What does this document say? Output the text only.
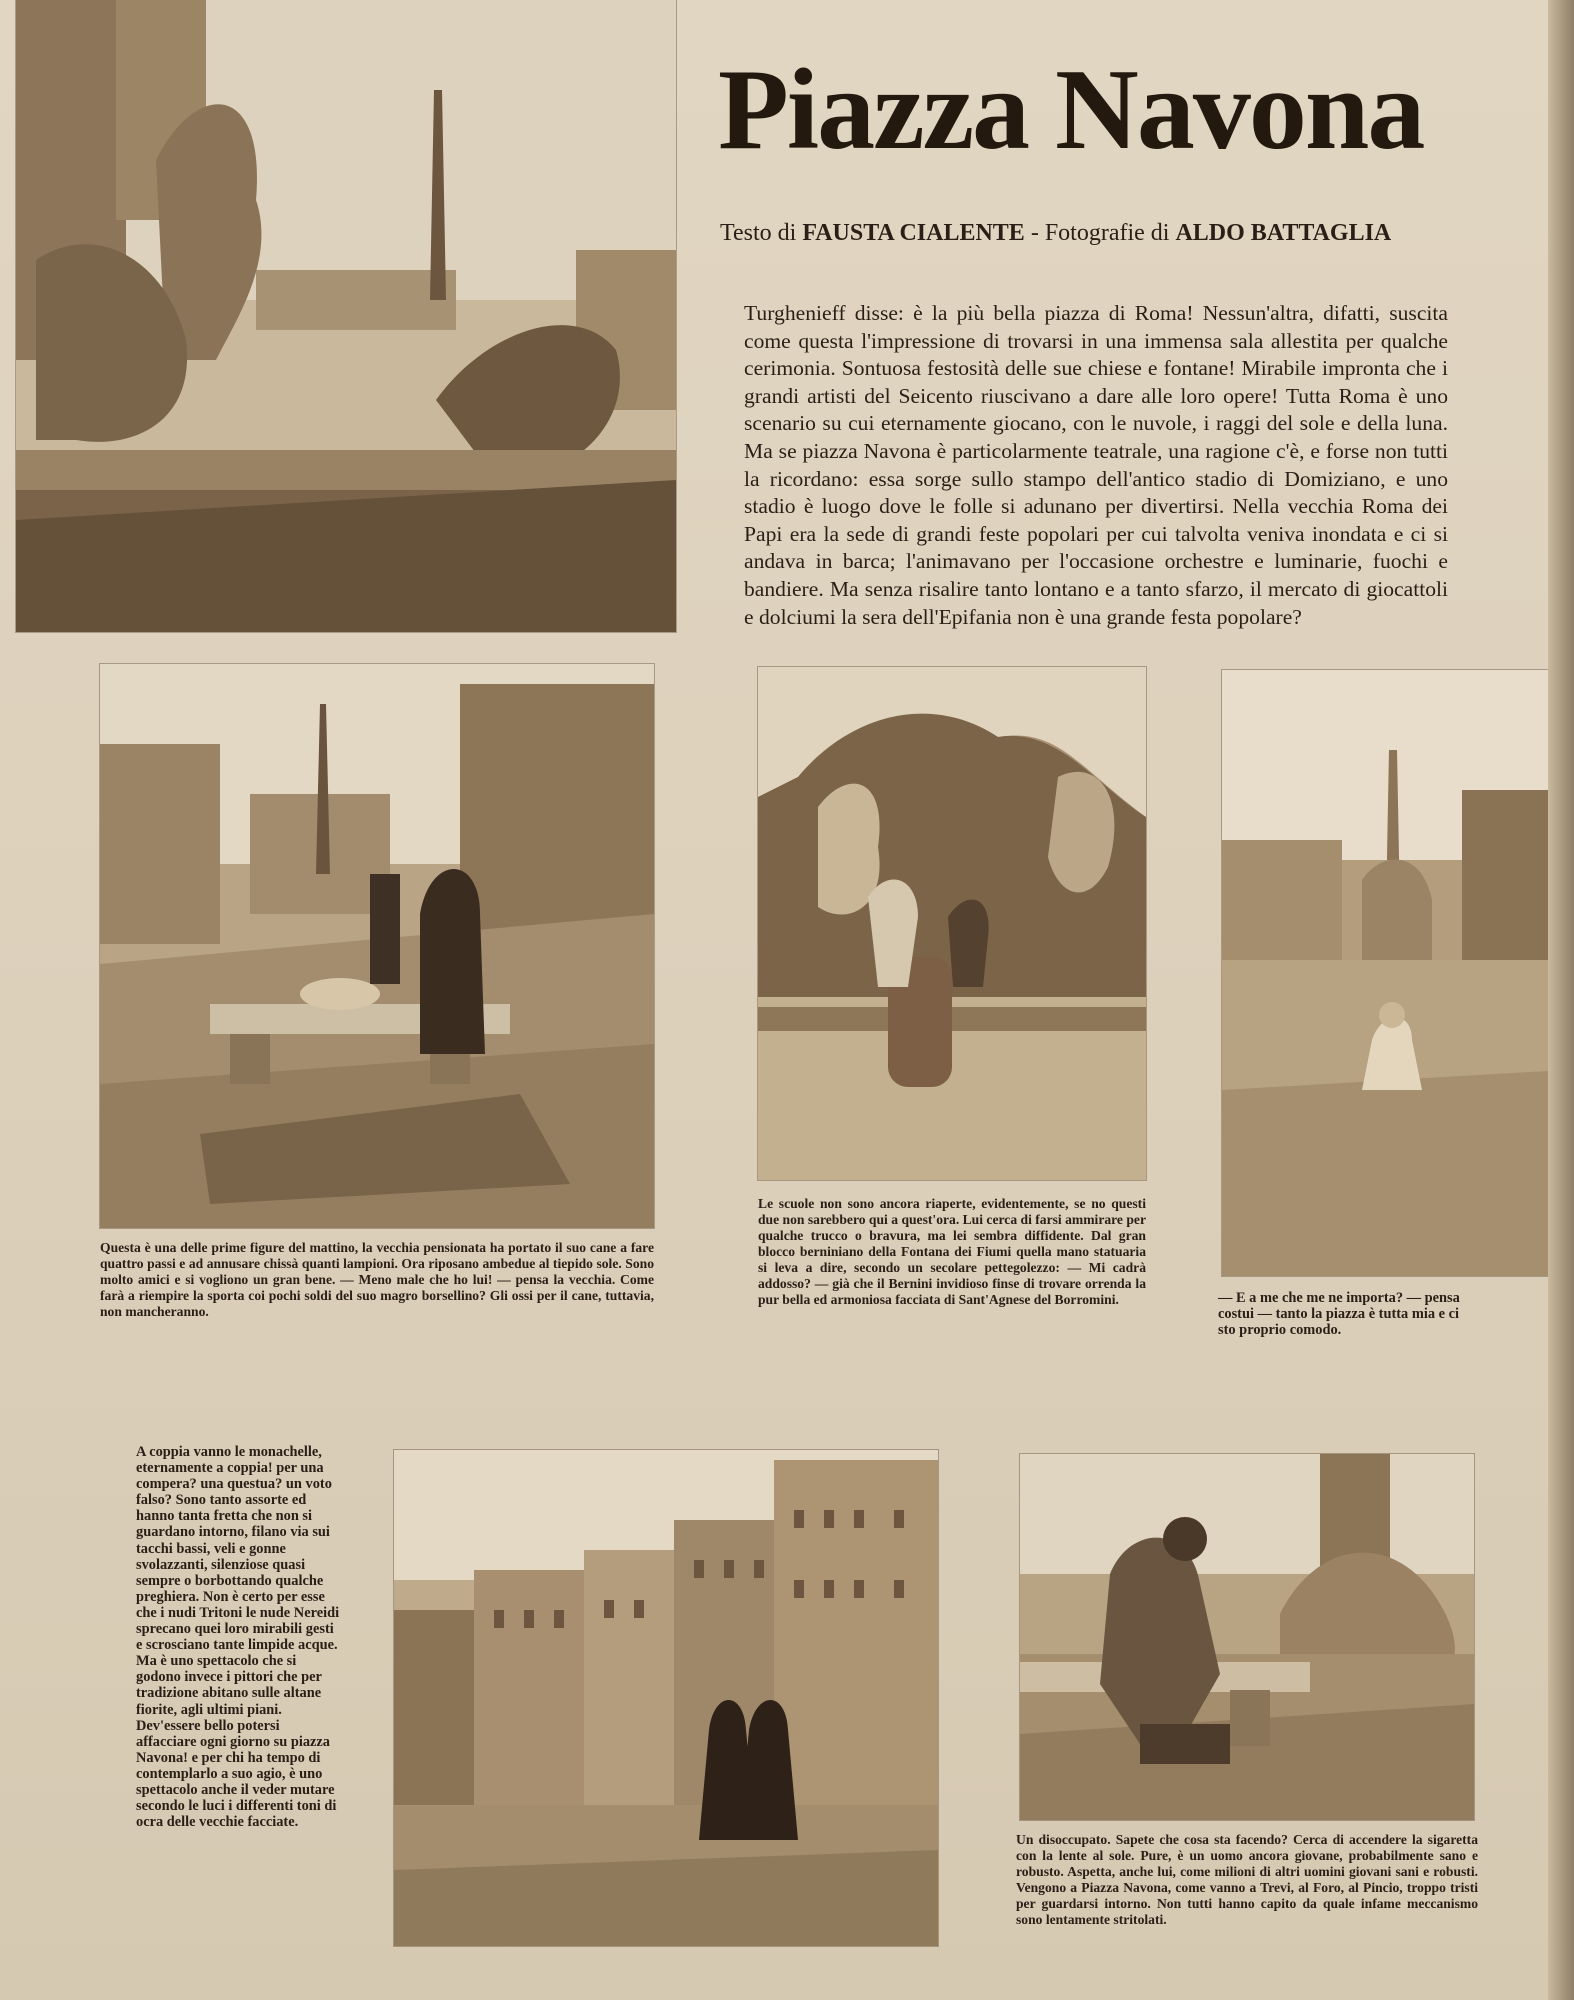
Piazza Navona
Testo di FAUSTA CIALENTE - Fotografie di ALDO BATTAGLIA
Turghenieff disse: è la più bella piazza di Roma! Nessun'altra, difatti, suscita come questa l'impressione di trovarsi in una immensa sala allestita per qualche cerimonia. Sontuosa festosità delle sue chiese e fontane! Mirabile impronta che i grandi artisti del Seicento riuscivano a dare alle loro opere! Tutta Roma è uno scenario su cui eternamente giocano, con le nuvole, i raggi del sole e della luna. Ma se piazza Navona è particolarmente teatrale, una ragione c'è, e forse non tutti la ricordano: essa sorge sullo stampo dell'antico stadio di Domiziano, e uno stadio è luogo dove le folle si adunano per divertirsi. Nella vecchia Roma dei Papi era la sede di grandi feste popolari per cui talvolta veniva inondata e ci si andava in barca; l'animavano per l'occasione orchestre e luminarie, fuochi e bandiere. Ma senza risalire tanto lontano e a tanto sfarzo, il mercato di giocattoli e dolciumi la sera dell'Epifania non è una grande festa popolare?
Questa è una delle prime figure del mattino, la vecchia pensionata ha portato il suo cane a fare quattro passi e ad annusare chissà quanti lampioni. Ora riposano ambedue al tiepido sole. Sono molto amici e si vogliono un gran bene. — Meno male che ho lui! — pensa la vecchia. Come farà a riempire la sporta coi pochi soldi del suo magro borsellino? Gli ossi per il cane, tuttavia, non mancheranno.
Le scuole non sono ancora riaperte, evidentemente, se no questi due non sarebbero qui a quest'ora. Lui cerca di farsi ammirare per qualche trucco o bravura, ma lei sembra diffidente. Dal gran blocco berniniano della Fontana dei Fiumi quella mano statuaria si leva a dire, secondo un secolare pettegolezzo: — Mi cadrà addosso? — già che il Bernini invidioso finse di trovare orrenda la pur bella ed armoniosa facciata di Sant'Agnese del Borromini.	— E a me che me ne importa? — pensa costui — tanto la piazza è tutta mia e ci sto proprio comodo.
A coppia vanno le monachelle, eternamente a coppia! per una compera? una questua? un voto falso? Sono tanto assorte ed hanno tanta fretta che non si guardano intorno, filano via sui tacchi bassi, veli e gonne svolazzanti, silenziose quasi sempre o borbottando qualche preghiera. Non è certo per esse che i nudi Tritoni le nude Nereidi sprecano quei loro mirabili gesti e scrosciano tante limpide acque. Ma è uno spettacolo che si godono invece i pittori che per tradizione abitano sulle altane fiorite, agli ultimi piani. Dev'essere bello potersi affacciare ogni giorno su piazza Navona! e per chi ha tempo di contemplarlo a suo agio, è uno spettacolo anche il veder mutare secondo le luci i differenti toni di ocra delle vecchie facciate.
Un disoccupato. Sapete che cosa sta facendo? Cerca di accendere la sigaretta con la lente al sole. Pure, è un uomo ancora giovane, probabilmente sano e robusto. Aspetta, anche lui, come milioni di altri uomini giovani sani e robusti. Vengono a Piazza Navona, come vanno a Trevi, al Foro, al Pincio, troppo tristi per guardarsi intorno. Non tutti hanno capito da quale infame meccanismo sono lentamente stritolati.
